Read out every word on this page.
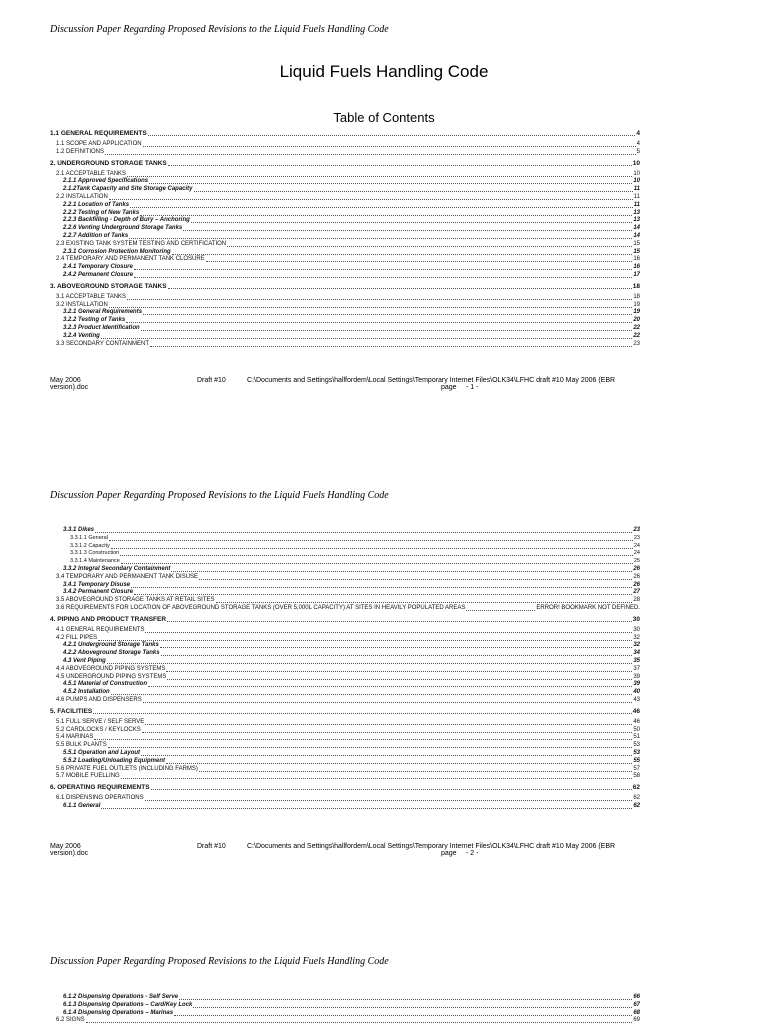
Discussion Paper Regarding Proposed Revisions to the Liquid Fuels Handling Code
Liquid Fuels Handling Code
Table of Contents
1.1 GENERAL REQUIREMENTS	4
1.1 SCOPE AND APPLICATION	4
1.2 DEFINITIONS	5
2. UNDERGROUND STORAGE TANKS	10
2.1 ACCEPTABLE TANKS	10
2.1.1 Approved Specifications	10
2.1.2Tank Capacity and Site Storage Capacity	11
2.2 INSTALLATION	11
2.2.1 Location of Tanks	11
2.2.2 Testing of New Tanks	13
2.2.3 Backfilling - Depth of Bury – Anchoring	13
2.2.6 Venting Underground Storage Tanks	14
2.2.7 Addition of Tanks	14
2.3 EXISTING TANK SYSTEM TESTING AND CERTIFICATION	15
2.3.1 Corrosion Protection Monitoring	15
2.4 TEMPORARY AND PERMANENT TANK CLOSURE	16
2.4.1 Temporary Closure	16
2.4.2 Permanent Closure	17
3. ABOVEGROUND STORAGE TANKS	18
3.1 ACCEPTABLE TANKS	18
3.2 INSTALLATION	19
3.2.1 General Requirements	19
3.2.2 Testing of Tanks	20
3.2.3 Product Identification	22
3.2.4 Venting	22
3.3 SECONDARY CONTAINMENT	23
May 2006	Draft #10	C:\Documents and Settings\hallfordem\Local Settings\Temporary Internet Files\OLK34\LFHC draft #10 May 2006 (EBR
version).doc	page - 1 -
Discussion Paper Regarding Proposed Revisions to the Liquid Fuels Handling Code
3.3.1 Dikes	23
3.3.1.1 General	23
3.3.1.2 Capacity	24
3.3.1.3 Construction	24
3.3.1.4 Maintenance	25
3.3.2 Integral Secondary Containment	26
3.4 TEMPORARY AND PERMANENT TANK DISUSE	26
3.4.1 Temporary Disuse	26
3.4.2 Permanent Closure	27
3.5 ABOVEGROUND STORAGE TANKS AT RETAIL SITES	28
3.6 REQUIREMENTS FOR LOCATION OF ABOVEGROUND STORAGE TANKS (OVER 5,000L CAPACITY) AT SITES IN HEAVILY POPULATED AREAS	ERROR! BOOKMARK NOT DEFINED.
4. PIPING AND PRODUCT TRANSFER	30
4.1 GENERAL REQUIREMENTS	30
4.2 FILL PIPES	32
4.2.1 Underground Storage Tanks	32
4.2.2 Aboveground Storage Tanks	34
4.3 Vent Piping	35
4.4 ABOVEGROUND PIPING SYSTEMS	37
4.5 UNDERGROUND PIPING SYSTEMS	39
4.5.1 Material of Construction	39
4.5.2 Installation	40
4.6 PUMPS AND DISPENSERS	43
5. FACILITIES	46
5.1 FULL SERVE / SELF SERVE	46
5.2 CARDLOCKS / KEYLOCKS	50
5.4 MARINAS	51
5.5 BULK PLANTS	53
5.5.1 Operation and Layout	53
5.5.2 Loading/Unloading Equipment	55
5.6 PRIVATE FUEL OUTLETS (INCLUDING FARMS)	57
5.7 MOBILE FUELLING	58
6. OPERATING REQUIREMENTS	62
6.1 DISPENSING OPERATIONS	62
6.1.1 General	62
May 2006	Draft #10	C:\Documents and Settings\hallfordem\Local Settings\Temporary Internet Files\OLK34\LFHC draft #10 May 2006 (EBR
version).doc	page - 2 -
Discussion Paper Regarding Proposed Revisions to the Liquid Fuels Handling Code
6.1.2 Dispensing Operations - Self Serve	66
6.1.3 Dispensing Operations – Card/Key Lock	67
6.1.4 Dispensing Operations – Marinas	68
6.2 SIGNS	69
